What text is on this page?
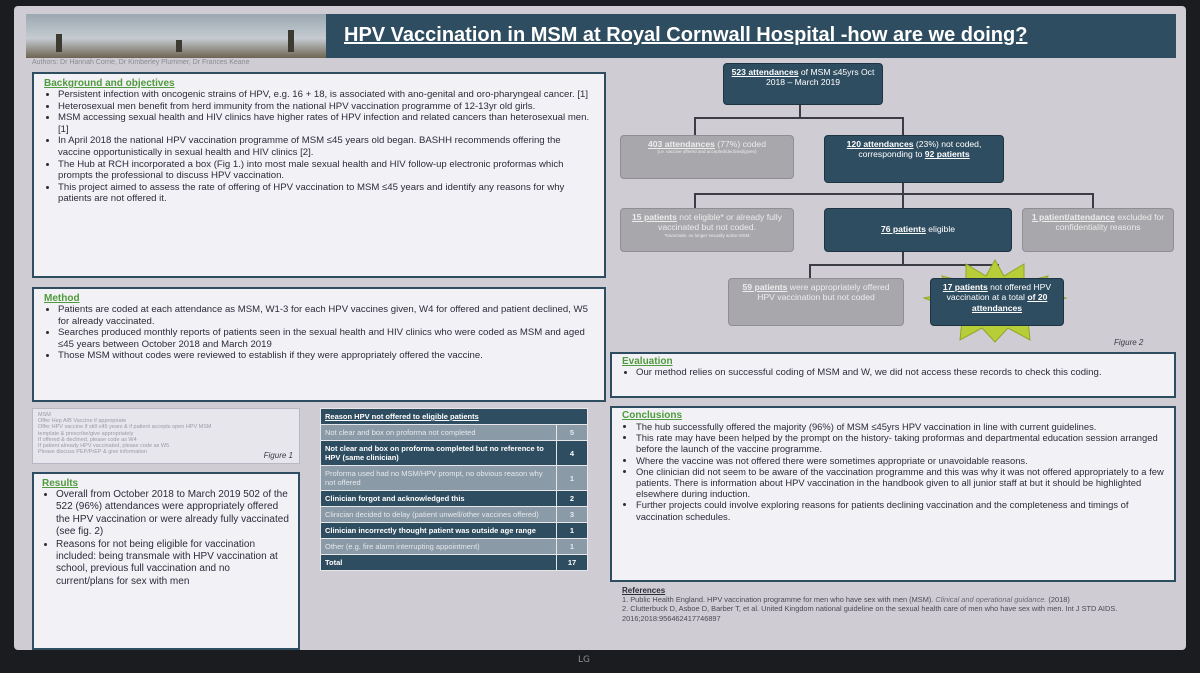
HPV Vaccination in MSM at Royal Cornwall Hospital -how are we doing?
Authors: Dr Hannah Corrie, Dr Kimberley Plummer, Dr Frances Keane
Background and objectives
• Persistent infection with oncogenic strains of HPV, e.g. 16 + 18, is associated with ano-genital and oro-pharyngeal cancer. [1]
• Heterosexual men benefit from herd immunity from the national HPV vaccination programme of 12-13yr old girls.
• MSM accessing sexual health and HIV clinics have higher rates of HPV infection and related cancers than heterosexual men. [1]
• In April 2018 the national HPV vaccination programme of MSM ≤45 years old began. BASHH recommends offering the vaccine opportunistically in sexual health and HIV clinics [2].
• The Hub at RCH incorporated a box (Fig 1.) into most male sexual health and HIV follow-up electronic proformas which prompts the professional to discuss HPV vaccination.
• This project aimed to assess the rate of offering of HPV vaccination to MSM ≤45 years and identify any reasons for why patients are not offered it.
Method
• Patients are coded at each attendance as MSM, W1-3 for each HPV vaccines given, W4 for offered and patient declined, W5 for already vaccinated.
• Searches produced monthly reports of patients seen in the sexual health and HIV clinics who were coded as MSM and aged ≤45 years between October 2018 and March 2019
• Those MSM without codes were reviewed to establish if they were appropriately offered the vaccine.
MSM
Offer Hep A/B Vaccine if appropriate
Offer HPV vaccine if still ≤45 years & if patient accepts open HPV MSM
template & prescribe/give appropriately
If offered & declined, please code as W4
If patient already HPV vaccinated, please code as W5
Please discuss PEP/PrEP & give information	Figure 1
Results
• Overall from October 2018 to March 2019 502 of the 522 (96%) attendances were appropriately offered the HPV vaccination or were already fully vaccinated (see fig. 2)
• Reasons for not being eligible for vaccination included: being transmale with HPV vaccination at school, previous full vaccination and no current/plans for sex with men
Reason HPV not offered to eligible patients	
Not clear and box on proforma not completed	5
Not clear and box on proforma completed but no reference to HPV (same clinician)	4
Proforma used had no MSM/HPV prompt, no obvious reason why not offered	1
Clinician forgot and acknowledged this	2
Clinician decided to delay (patient unwell/other vaccines offered)	3
Clinician incorrectly thought patient was outside age range	1
Other (e.g. fire alarm interrupting appointment)	1
Total	17
523 attendances of MSM ≤45yrs Oct 2018 – March 2019
403 attendances (77%) coded
(i.e. vaccine offered and accepted/declined/given)
120 attendances (23%) not coded, corresponding to 92 patients
15 patients not eligible* or already fully vaccinated but not coded.
*transmale, no longer sexually active MSM
76 patients eligible
1 patient/attendance excluded for confidentiality reasons
59 patients were appropriately offered HPV vaccination but not coded
17 patients not offered HPV vaccination at a total of 20 attendances
Figure 2
Evaluation
• Our method relies on successful coding of MSM and W, we did not access these records to check this coding.
Conclusions
• The hub successfully offered the majority (96%) of MSM ≤45yrs HPV vaccination in line with current guidelines.
• This rate may have been helped by the prompt on the history- taking proformas and departmental education session arranged before the launch of the vaccine programme.
• Where the vaccine was not offered there were sometimes appropriate or unavoidable reasons.
• One clinician did not seem to be aware of the vaccination programme and this was why it was not offered appropriately to a few patients. There is information about HPV vaccination in the handbook given to all junior staff at but it should be highlighted elsewhere during induction.
• Further projects could involve exploring reasons for patients declining vaccination and the completeness and timings of vaccination schedules.
References
1. Public Health England. HPV vaccination programme for men who have sex with men (MSM). Clinical and operational guidance. (2018)
2. Clutterbuck D, Asboe D, Barber T, et al. United Kingdom national guideline on the sexual health care of men who have sex with men. Int J STD AIDS. 2016;2018:956462417746897
LG
